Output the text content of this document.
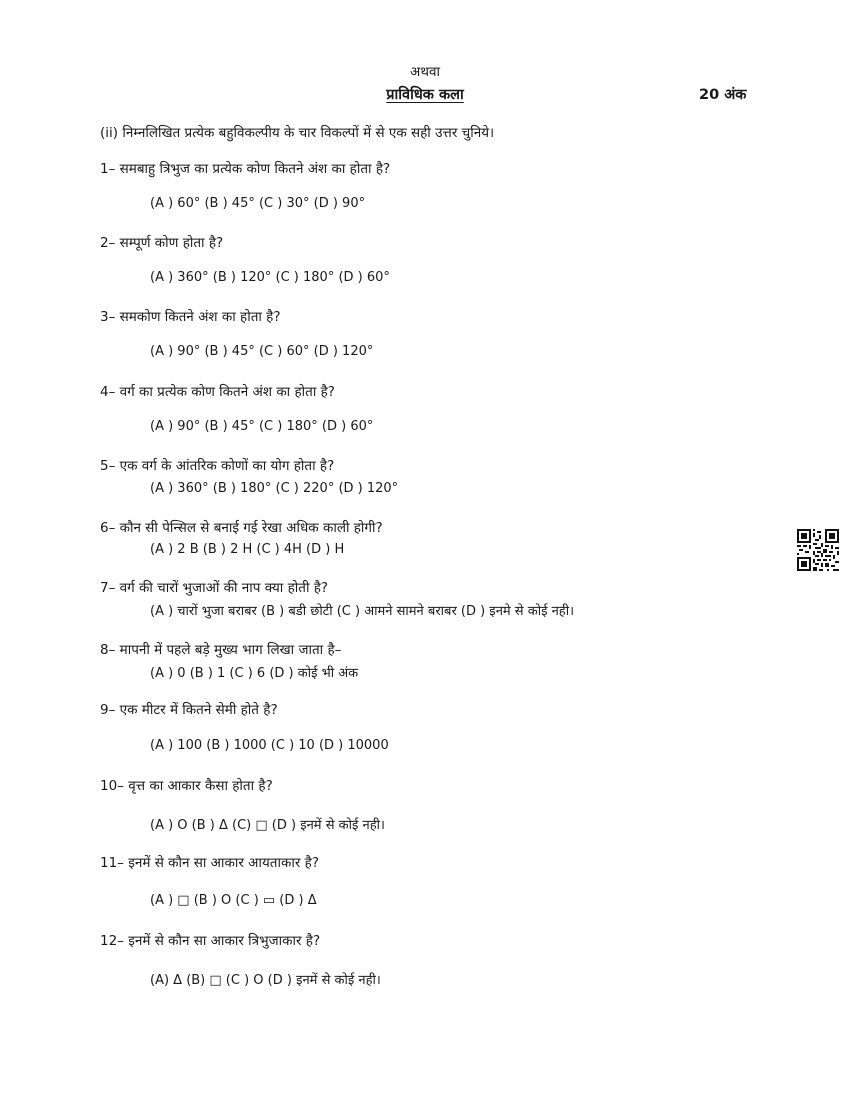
अथवा
प्राविधिक कला	20 अंक
(ii) निम्नलिखित प्रत्येक बहुविकल्पीय के चार विकल्पों में से एक सही उत्तर चुनिये।
1– समबाहु त्रिभुज का प्रत्येक कोण कितने अंश का होता है?
(A ) 60° (B ) 45° (C ) 30° (D ) 90°
2– सम्पूर्ण कोण होता है?
(A ) 360° (B ) 120° (C ) 180° (D ) 60°
3– समकोण कितने अंश का होता है?
(A ) 90° (B ) 45° (C ) 60° (D ) 120°
4– वर्ग का प्रत्येक कोण कितने अंश का होता है?
(A ) 90° (B ) 45° (C ) 180° (D ) 60°
5– एक वर्ग के आंतरिक कोणों का योग होता है?
(A ) 360° (B ) 180° (C ) 220° (D ) 120°
6– कौन सी पेन्सिल से बनाई गई रेखा अधिक काली होगी?
(A ) 2 B (B ) 2 H (C ) 4H (D ) H
7– वर्ग की चारों भुजाओं की नाप क्या होती है?
(A ) चारों भुजा बराबर (B ) बडी छोटी (C ) आमने सामने बराबर (D ) इनमे से कोई नही।
8– मापनी में पहले बड़े मुख्य भाग लिखा जाता है–
(A ) 0 (B ) 1 (C ) 6 (D ) कोई भी अंक
9– एक मीटर में कितने सेमी होते है?
(A ) 100 (B ) 1000 (C ) 10 (D ) 10000
10– वृत्त का आकार कैसा होता है?
(A ) O (B ) Δ (C) □ (D ) इनमें से कोई नही।
11– इनमें से कौन सा आकार आयताकार है?
(A ) □ (B ) O (C ) ▭ (D ) Δ
12– इनमें से कौन सा आकार त्रिभुजाकार है?
(A) Δ (B) □ (C ) O (D ) इनमें से कोई नही।
